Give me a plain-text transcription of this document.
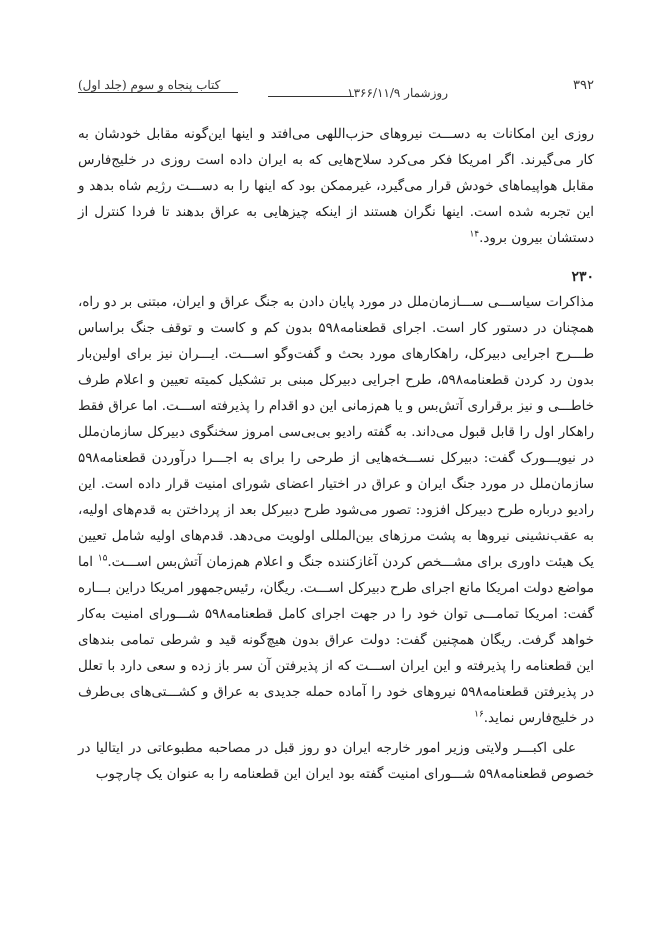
۳۹۲
روزشمار ۱۳۶۶/۱۱/۹
کتاب پنجاه و سوم (جلد اول)

روزی این امکانات به دســـت نیروهای حزب‌اللهی می‌افتد و اینها این‌گونه مقابل خودشان به کار می‌گیرند. اگر امریکا فکر می‌کرد سلاح‌هایی که به ایران داده است روزی در خلیج‌فارس مقابل هواپیماهای خودش قرار می‌گیرد، غیرممکن بود که اینها را به دســـت رژیم شاه بدهد و این تجربه شده است. اینها نگران هستند از اینکه چیزهایی به عراق بدهند تا فردا کنترل از دستشان بیرون برود.$^{۱۴}$

۲۳۰

مذاکرات سیاســـی ســـازمان‌ملل در مورد پایان دادن به جنگ عراق و ایران، مبتنی بر دو راه، همچنان در دستور کار است. اجرای قطعنامه۵۹۸ بدون کم و کاست و توقف جنگ براساس طـــرح اجرایی دبیرکل، راهکارهای مورد بحث و گفت‌وگو اســـت. ایـــران نیز برای اولین‌بار بدون رد کردن قطعنامه۵۹۸، طرح اجرایی دبیرکل مبنی بر تشکیل کمیته تعیین و اعلام طرف خاطـــی و نیز برقراری آتش‌بس و یا هم‌زمانی این دو اقدام را پذیرفته اســـت. اما عراق فقط راهکار اول را قابل قبول می‌داند. به گفته رادیو بی‌بی‌سی امروز سخنگوی دبیرکل سازمان‌ملل در نیویـــورک گفت: دبیرکل نســـخه‌هایی از طرحی را برای به اجـــرا درآوردن قطعنامه۵۹۸ سازمان‌ملل در مورد جنگ ایران و عراق در اختیار اعضای شورای امنیت قرار داده است. این رادیو درباره طرح دبیرکل افزود: تصور می‌شود طرح دبیرکل بعد از پرداختن به قدم‌های اولیه، به عقب‌نشینی نیروها به پشت مرزهای بین‌المللی اولویت می‌دهد. قدم‌های اولیه شامل تعیین یک هیئت داوری برای مشـــخص کردن آغازکننده جنگ و اعلام هم‌زمان آتش‌بس اســـت.$^{۱۵}$ اما مواضع دولت امریکا مانع اجرای طرح دبیرکل اســـت. ریگان، رئیس‌جمهور امریکا دراین بـــاره گفت: امریکا تمامـــی توان خود را در جهت اجرای کامل قطعنامه۵۹۸ شـــورای امنیت به‌کار خواهد گرفت. ریگان همچنین گفت: دولت عراق بدون هیچ‌گونه قید و شرطی تمامی بندهای این قطعنامه را پذیرفته و این ایران اســـت که از پذیرفتن آن سر باز زده و سعی دارد با تعلل در پذیرفتن قطعنامه۵۹۸ نیروهای خود را آماده حمله جدیدی به عراق و کشـــتی‌های بی‌طرف در خلیج‌فارس نماید.$^{۱۶}$

علی اکبـــر ولایتی وزیر امور خارجه ایران دو روز قبل در مصاحبه مطبوعاتی در ایتالیا در خصوص قطعنامه۵۹۸ شـــورای امنیت گفته بود ایران این قطعنامه را به عنوان یک چارچوب
